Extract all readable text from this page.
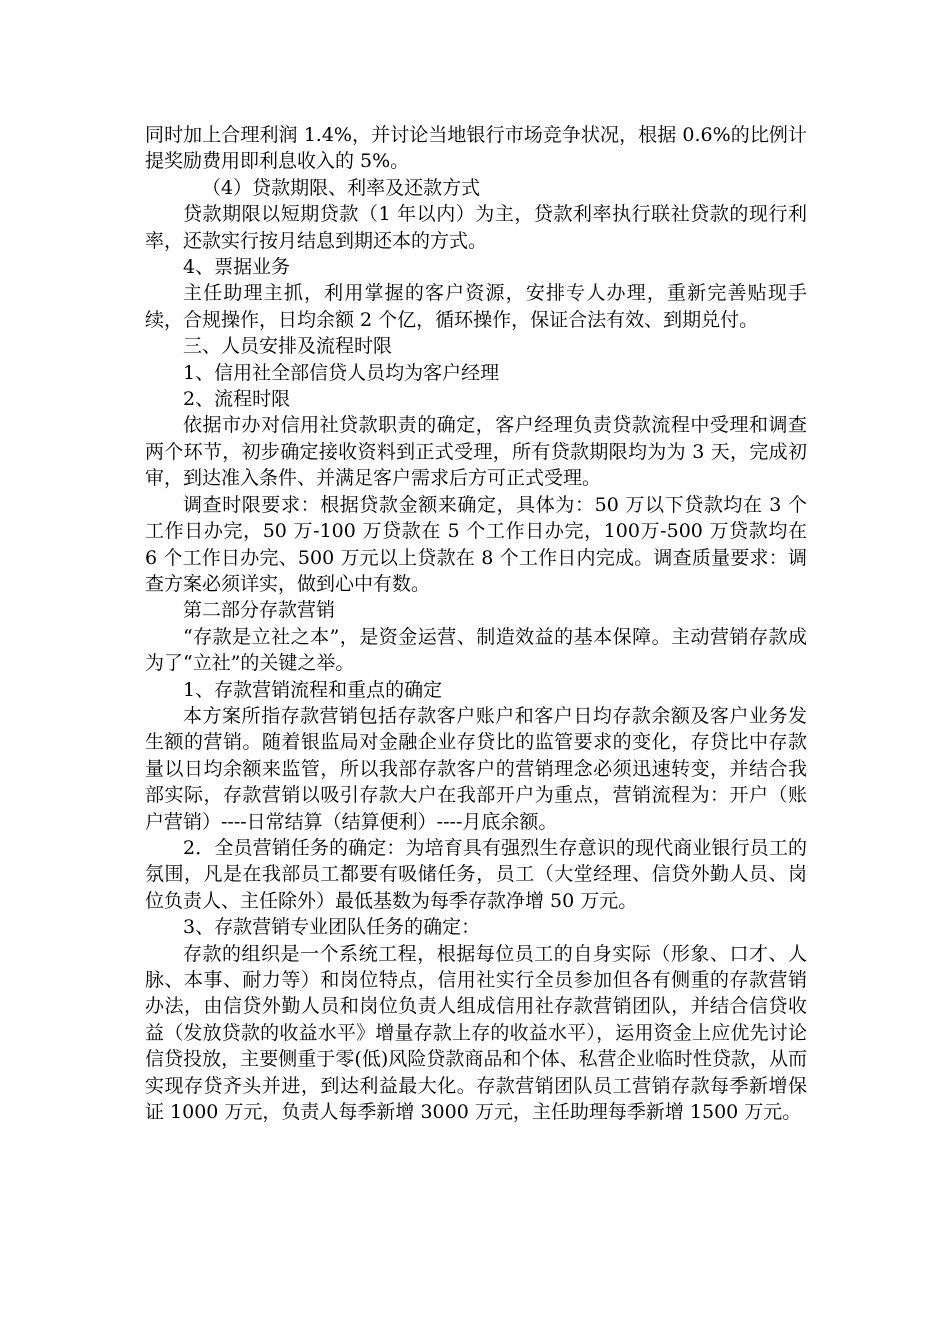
同时加上合理利润 1.4%，并讨论当地银行市场竞争状况，根据 0.6%的比例计提奖励费用即利息收入的 5%。

（4）贷款期限、利率及还款方式

贷款期限以短期贷款（1 年以内）为主，贷款利率执行联社贷款的现行利率，还款实行按月结息到期还本的方式。

4、票据业务

主任助理主抓，利用掌握的客户资源，安排专人办理，重新完善贴现手续，合规操作，日均余额 2 个亿，循环操作，保证合法有效、到期兑付。

三、人员安排及流程时限

1、信用社全部信贷人员均为客户经理

2、流程时限

依据市办对信用社贷款职责的确定，客户经理负责贷款流程中受理和调查两个环节，初步确定接收资料到正式受理，所有贷款期限均为为 3 天，完成初审，到达准入条件、并满足客户需求后方可正式受理。

调查时限要求：根据贷款金额来确定，具体为：50 万以下贷款均在 3 个工作日办完，50 万-100 万贷款在 5 个工作日办完，100万-500 万贷款均在 6 个工作日办完、500 万元以上贷款在 8 个工作日内完成。调查质量要求：调查方案必须详实，做到心中有数。

第二部分存款营销

“存款是立社之本”，是资金运营、制造效益的基本保障。主动营销存款成为了“立社”的关键之举。

1、存款营销流程和重点的确定

本方案所指存款营销包括存款客户账户和客户日均存款余额及客户业务发生额的营销。随着银监局对金融企业存贷比的监管要求的变化，存贷比中存款量以日均余额来监管，所以我部存款客户的营销理念必须迅速转变，并结合我部实际，存款营销以吸引存款大户在我部开户为重点，营销流程为：开户（账户营销）----日常结算（结算便利）----月底余额。

2．全员营销任务的确定：为培育具有强烈生存意识的现代商业银行员工的氛围，凡是在我部员工都要有吸储任务，员工（大堂经理、信贷外勤人员、岗位负责人、主任除外）最低基数为每季存款净增 50 万元。

3、存款营销专业团队任务的确定：

存款的组织是一个系统工程，根据每位员工的自身实际（形象、口才、人脉、本事、耐力等）和岗位特点，信用社实行全员参加但各有侧重的存款营销办法，由信贷外勤人员和岗位负责人组成信用社存款营销团队，并结合信贷收益（发放贷款的收益水平》增量存款上存的收益水平），运用资金上应优先讨论信贷投放，主要侧重于零(低)风险贷款商品和个体、私营企业临时性贷款，从而实现存贷齐头并进，到达利益最大化。存款营销团队员工营销存款每季新增保证 1000 万元，负责人每季新增 3000 万元，主任助理每季新增 1500 万元。
